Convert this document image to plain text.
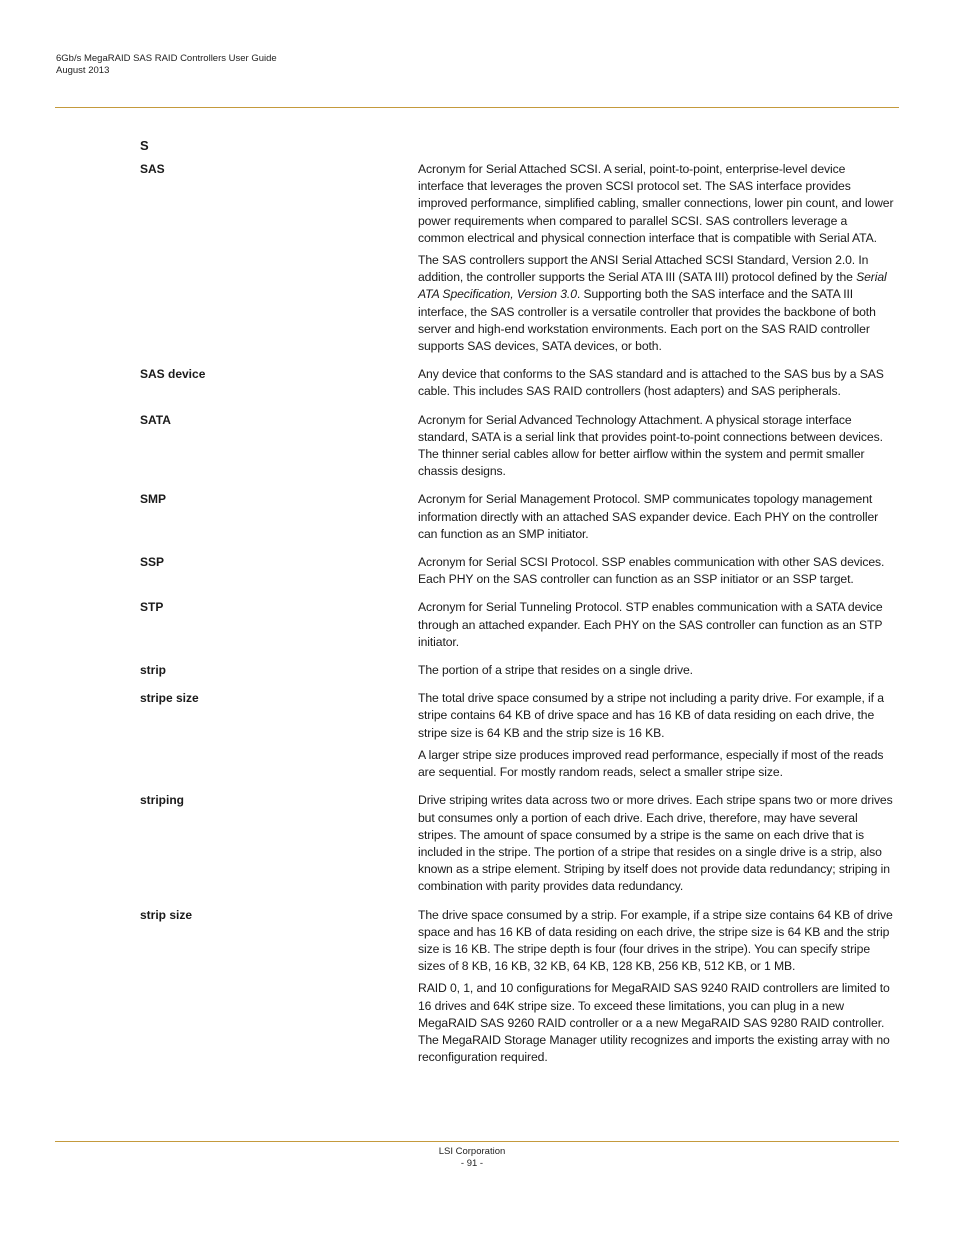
6Gb/s MegaRAID SAS RAID Controllers User Guide
August 2013
S
SAS	Acronym for Serial Attached SCSI. A serial, point-to-point, enterprise-level device interface that leverages the proven SCSI protocol set. The SAS interface provides improved performance, simplified cabling, smaller connections, lower pin count, and lower power requirements when compared to parallel SCSI. SAS controllers leverage a common electrical and physical connection interface that is compatible with Serial ATA.

The SAS controllers support the ANSI Serial Attached SCSI Standard, Version 2.0. In addition, the controller supports the Serial ATA III (SATA III) protocol defined by the Serial ATA Specification, Version 3.0. Supporting both the SAS interface and the SATA III interface, the SAS controller is a versatile controller that provides the backbone of both server and high-end workstation environments. Each port on the SAS RAID controller supports SAS devices, SATA devices, or both.

SAS device	Any device that conforms to the SAS standard and is attached to the SAS bus by a SAS cable. This includes SAS RAID controllers (host adapters) and SAS peripherals.

SATA	Acronym for Serial Advanced Technology Attachment. A physical storage interface standard, SATA is a serial link that provides point-to-point connections between devices. The thinner serial cables allow for better airflow within the system and permit smaller chassis designs.

SMP	Acronym for Serial Management Protocol. SMP communicates topology management information directly with an attached SAS expander device. Each PHY on the controller can function as an SMP initiator.

SSP	Acronym for Serial SCSI Protocol. SSP enables communication with other SAS devices. Each PHY on the SAS controller can function as an SSP initiator or an SSP target.

STP	Acronym for Serial Tunneling Protocol. STP enables communication with a SATA device through an attached expander. Each PHY on the SAS controller can function as an STP initiator.

strip	The portion of a stripe that resides on a single drive.

stripe size	The total drive space consumed by a stripe not including a parity drive. For example, if a stripe contains 64 KB of drive space and has 16 KB of data residing on each drive, the stripe size is 64 KB and the strip size is 16 KB.

A larger stripe size produces improved read performance, especially if most of the reads are sequential. For mostly random reads, select a smaller stripe size.

striping	Drive striping writes data across two or more drives. Each stripe spans two or more drives but consumes only a portion of each drive. Each drive, therefore, may have several stripes. The amount of space consumed by a stripe is the same on each drive that is included in the stripe. The portion of a stripe that resides on a single drive is a strip, also known as a stripe element. Striping by itself does not provide data redundancy; striping in combination with parity provides data redundancy.

strip size	The drive space consumed by a strip. For example, if a stripe size contains 64 KB of drive space and has 16 KB of data residing on each drive, the stripe size is 64 KB and the strip size is 16 KB. The stripe depth is four (four drives in the stripe). You can specify stripe sizes of 8 KB, 16 KB, 32 KB, 64 KB, 128 KB, 256 KB, 512 KB, or 1 MB.

RAID 0, 1, and 10 configurations for MegaRAID SAS 9240 RAID controllers are limited to 16 drives and 64K stripe size. To exceed these limitations, you can plug in a new MegaRAID SAS 9260 RAID controller or a a new MegaRAID SAS 9280 RAID controller. The MegaRAID Storage Manager utility recognizes and imports the existing array with no reconfiguration required.

LSI Corporation
- 91 -
